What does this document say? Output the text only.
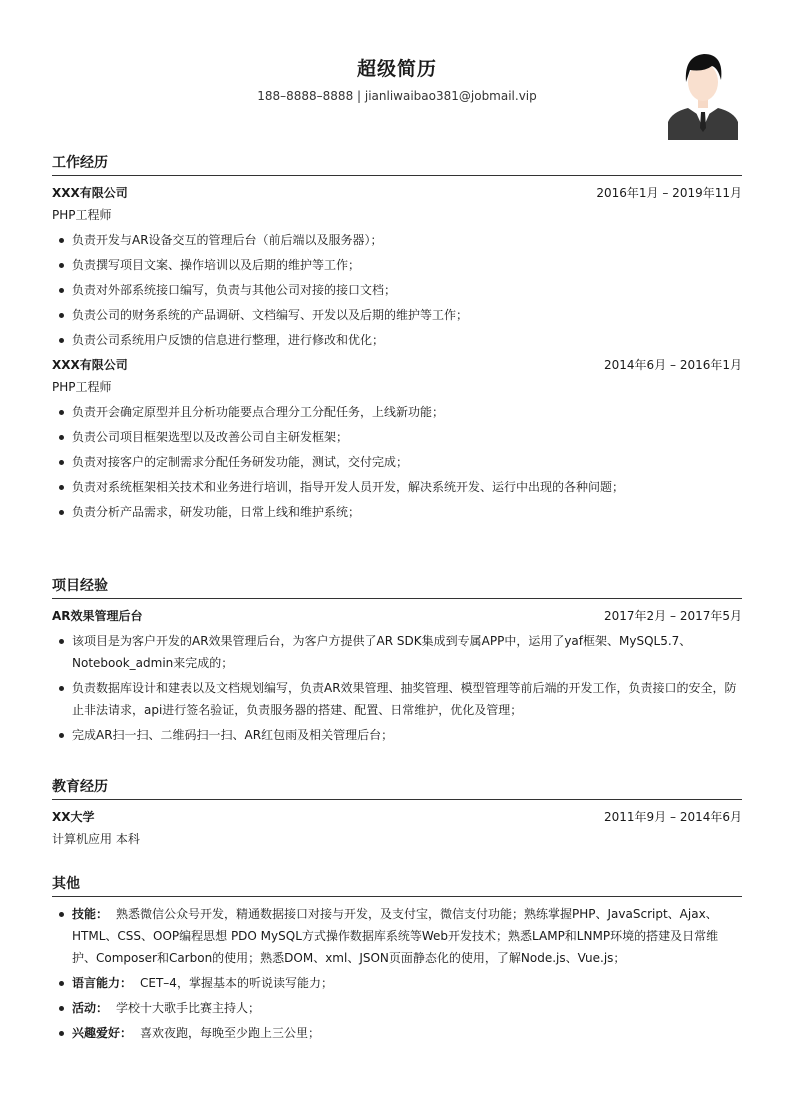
超级简历
188–8888–8888 | jianliwaibao381@jobmail.vip
工作经历
XXX有限公司	2016年1月 – 2019年11月
PHP工程师
负责开发与AR设备交互的管理后台（前后端以及服务器）；
负责撰写项目文案、操作培训以及后期的维护等工作；
负责对外部系统接口编写，负责与其他公司对接的接口文档；
负责公司的财务系统的产品调研、文档编写、开发以及后期的维护等工作；
负责公司系统用户反馈的信息进行整理，进行修改和优化；
XXX有限公司	2014年6月 – 2016年1月
PHP工程师
负责开会确定原型并且分析功能要点合理分工分配任务，上线新功能；
负责公司项目框架选型以及改善公司自主研发框架；
负责对接客户的定制需求分配任务研发功能，测试，交付完成；
负责对系统框架相关技术和业务进行培训，指导开发人员开发，解决系统开发、运行中出现的各种问题；
负责分析产品需求，研发功能，日常上线和维护系统；
项目经验
AR效果管理后台	2017年2月 – 2017年5月
该项目是为客户开发的AR效果管理后台，为客户方提供了AR SDK集成到专属APP中，运用了yaf框架、MySQL5.7、Notebook_admin来完成的；
负责数据库设计和建表以及文档规划编写，负责AR效果管理、抽奖管理、模型管理等前后端的开发工作，负责接口的安全，防止非法请求，api进行签名验证，负责服务器的搭建、配置、日常维护，优化及管理；
完成AR扫一扫、二维码扫一扫、AR红包雨及相关管理后台；
教育经历
XX大学	2011年9月 – 2014年6月
计算机应用 本科
其他
技能： 熟悉微信公众号开发，精通数据接口对接与开发，及支付宝，微信支付功能；熟练掌握PHP、JavaScript、Ajax、HTML、CSS、OOP编程思想 PDO MySQL方式操作数据库系统等Web开发技术；熟悉LAMP和LNMP环境的搭建及日常维护、Composer和Carbon的使用；熟悉DOM、xml、JSON页面静态化的使用，了解Node.js、Vue.js；
语言能力： CET–4，掌握基本的听说读写能力；
活动： 学校十大歌手比赛主持人；
兴趣爱好： 喜欢夜跑，每晚至少跑上三公里；
